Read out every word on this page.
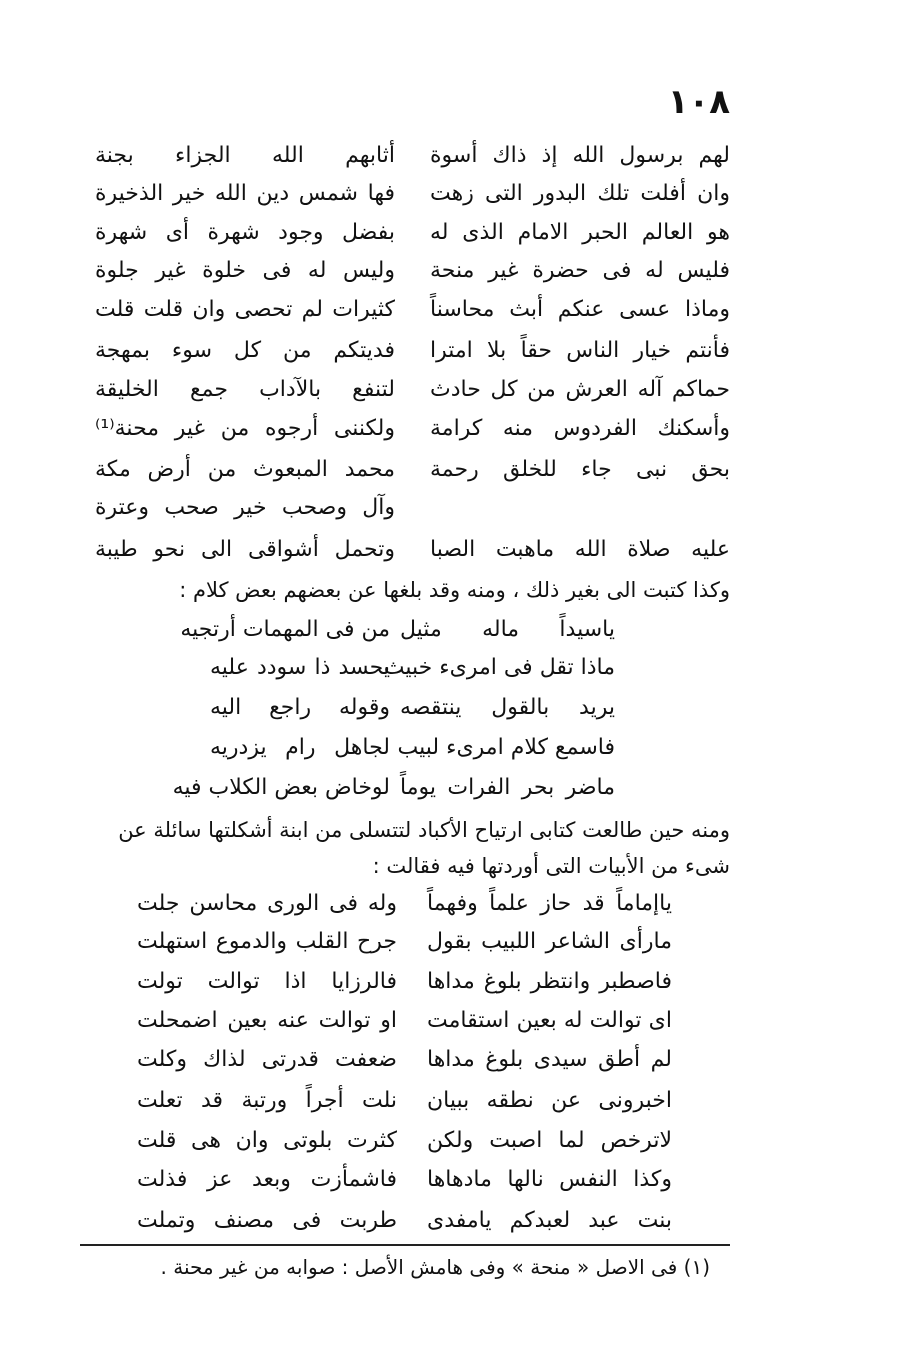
١٠٨
لهم برسول الله إذ ذاك أسوة
أثابهم الله الجزاء بجنة
وان أفلت تلك البدور التى زهت
فها شمس دين الله خير الذخيرة
هو العالم الحبر الامام الذى له
بفضل وجود شهرة أى شهرة
فليس له فى حضرة غير منحة
وليس له فى خلوة غير جلوة
وماذا عسى عنكم أبث محاسناً
كثيرات لم تحصى وان قلت قلت
فأنتم خيار الناس حقاً بلا امترا
فديتكم من كل سوء بمهجة
حماكم آله العرش من كل حادث
لتنفع بالآداب جمع الخليقة
وأسكنك الفردوس منه كرامة
ولكننى أرجوه من غير محنة⁽¹⁾
بحق نبى جاء للخلق رحمة
محمد المبعوث من أرض مكة
وآل وصحب خير صحب وعترة
عليه صلاة الله ماهبت الصبا
وتحمل أشواقى الى نحو طيبة
وكذا كتبت الى بغير ذلك ، ومنه وقد بلغها عن بعضهم بعض كلام :
ياسيداً ماله مثيل
من فى المهمات أرتجيه
ماذا تقل فى امرىء خبيث
يحسد ذا سودد عليه
يريد بالقول ينتقصه
وقوله راجع اليه
فاسمع كلام امرىء لبيب
لجاهل رام يزدريه
ماضر بحر الفرات يوماً
لوخاض بعض الكلاب فيه
ومنه حين طالعت كتابى ارتياح الأكباد لتتسلى من ابنة أشكلتها سائلة عن
شىء من الأبيات التى أوردتها فيه فقالت :
ياإماماً قد حاز علماً وفهماً
وله فى الورى محاسن جلت
مارأى الشاعر اللبيب بقول
جرح القلب والدموع استهلت
فاصطبر وانتظر بلوغ مداها
فالرزايا اذا توالت تولت
اى توالت له بعين استقامت
او توالت عنه بعين اضمحلت
لم أطق سيدى بلوغ مداها
ضعفت قدرتى لذاك وكلت
اخبرونى عن نطقه ببيان
نلت أجراً ورتبة قد تعلت
لاترخص لما اصبت ولكن
كثرت بلوتى وان هى قلت
وكذا النفس نالها مادهاها
فاشمأزت وبعد عز فذلت
بنت عبد لعبدكم يامفدى
طربت فى مصنف وتملت
(١) فى الاصل « منحة » وفى هامش الأصل : صوابه من غير محنة .
